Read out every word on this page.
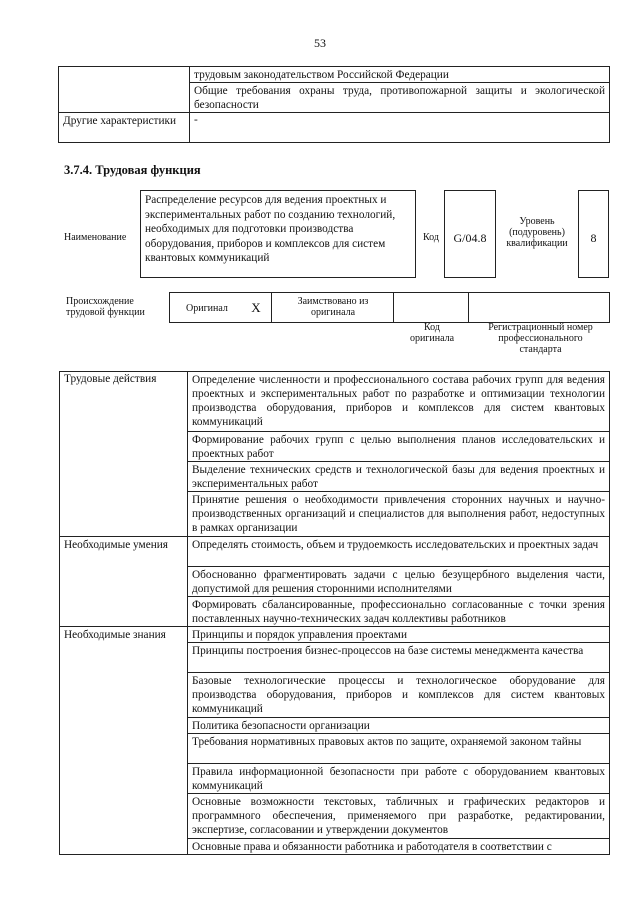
53
	трудовым законодательством Российской Федерации
	Общие требования охраны труда, противопожарной защиты и экологической безопасности
Другие характеристики	-
3.7.4. Трудовая функция
Наименование
Распределение ресурсов для ведения проектных и экспериментальных работ по созданию технологий, необходимых для подготовки производства оборудования, приборов и комплексов для систем квантовых коммуникаций
Код	G/04.8
Уровень (подуровень) квалификации	8
Происхождение трудовой функции	Оригинал	X	Заимствовано из оригинала
Код оригинала
Регистрационный номер профессионального стандарта
Трудовые действия	Определение численности и профессионального состава рабочих групп для ведения проектных и экспериментальных работ по разработке и оптимизации технологии производства оборудования, приборов и комплексов для систем квантовых коммуникаций
	Формирование рабочих групп с целью выполнения планов исследовательских и проектных работ
	Выделение технических средств и технологической базы для ведения проектных и экспериментальных работ
	Принятие решения о необходимости привлечения сторонних научных и научно-производственных организаций и специалистов для выполнения работ, недоступных в рамках организации
Необходимые умения	Определять стоимость, объем и трудоемкость исследовательских и проектных задач
	Обоснованно фрагментировать задачи с целью безущербного выделения части, допустимой для решения сторонними исполнителями
	Формировать сбалансированные, профессионально согласованные с точки зрения поставленных научно-технических задач коллективы работников
Необходимые знания	Принципы и порядок управления проектами
	Принципы построения бизнес-процессов на базе системы менеджмента качества
	Базовые технологические процессы и технологическое оборудование для производства оборудования, приборов и комплексов для систем квантовых коммуникаций
	Политика безопасности организации
	Требования нормативных правовых актов по защите, охраняемой законом тайны
	Правила информационной безопасности при работе с оборудованием квантовых коммуникаций
	Основные возможности текстовых, табличных и графических редакторов и программного обеспечения, применяемого при разработке, редактировании, экспертизе, согласовании и утверждении документов
	Основные права и обязанности работника и работодателя в соответствии с
